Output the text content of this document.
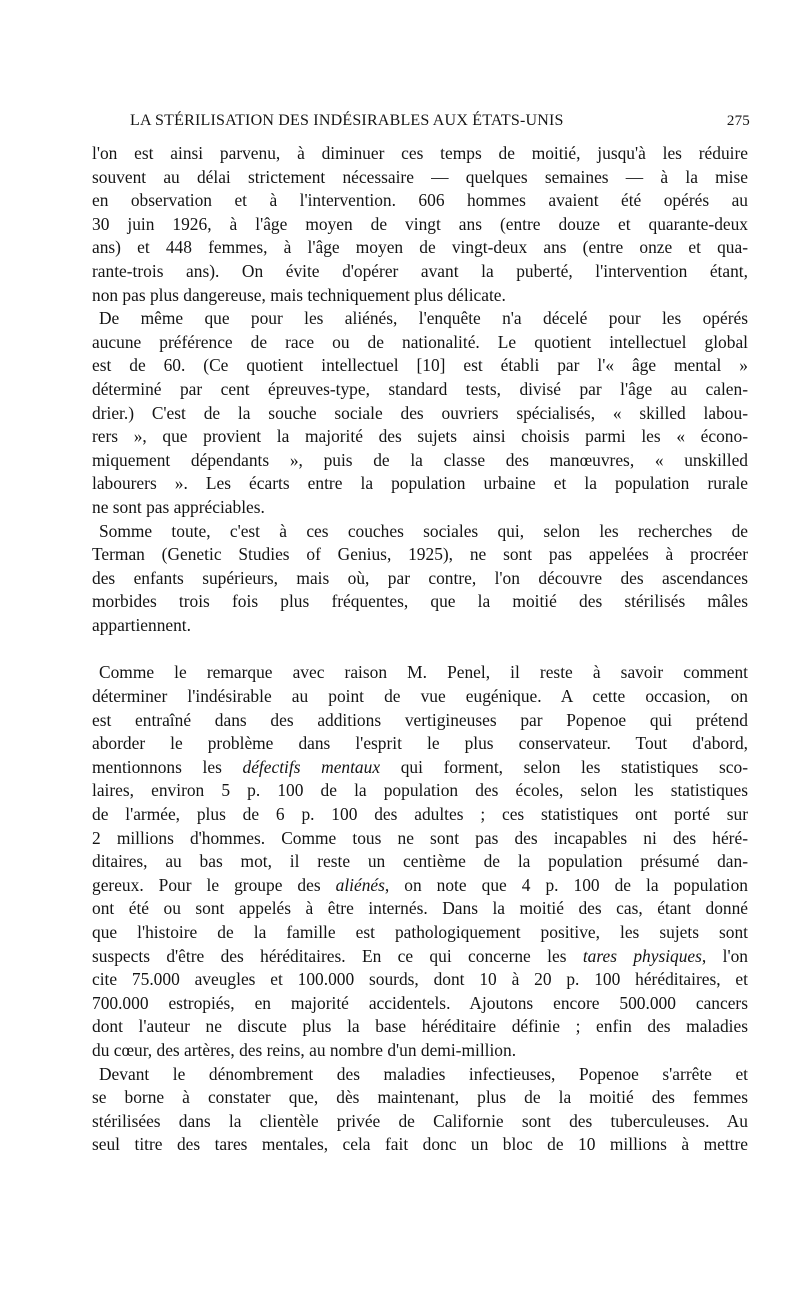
LA STÉRILISATION DES INDÉSIRABLES AUX ÉTATS-UNIS	275

l'on est ainsi parvenu, à diminuer ces temps de moitié, jusqu'à les réduire
souvent au délai strictement nécessaire — quelques semaines — à la mise
en observation et à l'intervention. 606 hommes avaient été opérés au
30 juin 1926, à l'âge moyen de vingt ans (entre douze et quarante-deux
ans) et 448 femmes, à l'âge moyen de vingt-deux ans (entre onze et qua-
rante-trois ans). On évite d'opérer avant la puberté, l'intervention étant,
non pas plus dangereuse, mais techniquement plus délicate.

De même que pour les aliénés, l'enquête n'a décelé pour les opérés
aucune préférence de race ou de nationalité. Le quotient intellectuel global
est de 60. (Ce quotient intellectuel [10] est établi par l'« âge mental »
déterminé par cent épreuves-type, standard tests, divisé par l'âge au calen-
drier.) C'est de la souche sociale des ouvriers spécialisés, « skilled labou-
rers », que provient la majorité des sujets ainsi choisis parmi les « écono-
miquement dépendants », puis de la classe des manœuvres, « unskilled
labourers ». Les écarts entre la population urbaine et la population rurale
ne sont pas appréciables.

Somme toute, c'est à ces couches sociales qui, selon les recherches de
Terman (Genetic Studies of Genius, 1925), ne sont pas appelées à procréer
des enfants supérieurs, mais où, par contre, l'on découvre des ascendances
morbides trois fois plus fréquentes, que la moitié des stérilisés mâles
appartiennent.

Comme le remarque avec raison M. Penel, il reste à savoir comment
déterminer l'indésirable au point de vue eugénique. A cette occasion, on
est entraîné dans des additions vertigineuses par Popenoe qui prétend
aborder le problème dans l'esprit le plus conservateur. Tout d'abord,
mentionnons les défectifs mentaux qui forment, selon les statistiques sco-
laires, environ 5 p. 100 de la population des écoles, selon les statistiques
de l'armée, plus de 6 p. 100 des adultes ; ces statistiques ont porté sur
2 millions d'hommes. Comme tous ne sont pas des incapables ni des héré-
ditaires, au bas mot, il reste un centième de la population présumé dan-
gereux. Pour le groupe des aliénés, on note que 4 p. 100 de la population
ont été ou sont appelés à être internés. Dans la moitié des cas, étant donné
que l'histoire de la famille est pathologiquement positive, les sujets sont
suspects d'être des héréditaires. En ce qui concerne les tares physiques, l'on
cite 75.000 aveugles et 100.000 sourds, dont 10 à 20 p. 100 héréditaires, et
700.000 estropiés, en majorité accidentels. Ajoutons encore 500.000 cancers
dont l'auteur ne discute plus la base héréditaire définie ; enfin des maladies
du cœur, des artères, des reins, au nombre d'un demi-million.

Devant le dénombrement des maladies infectieuses, Popenoe s'arrête et
se borne à constater que, dès maintenant, plus de la moitié des femmes
stérilisées dans la clientèle privée de Californie sont des tuberculeuses. Au
seul titre des tares mentales, cela fait donc un bloc de 10 millions à mettre
